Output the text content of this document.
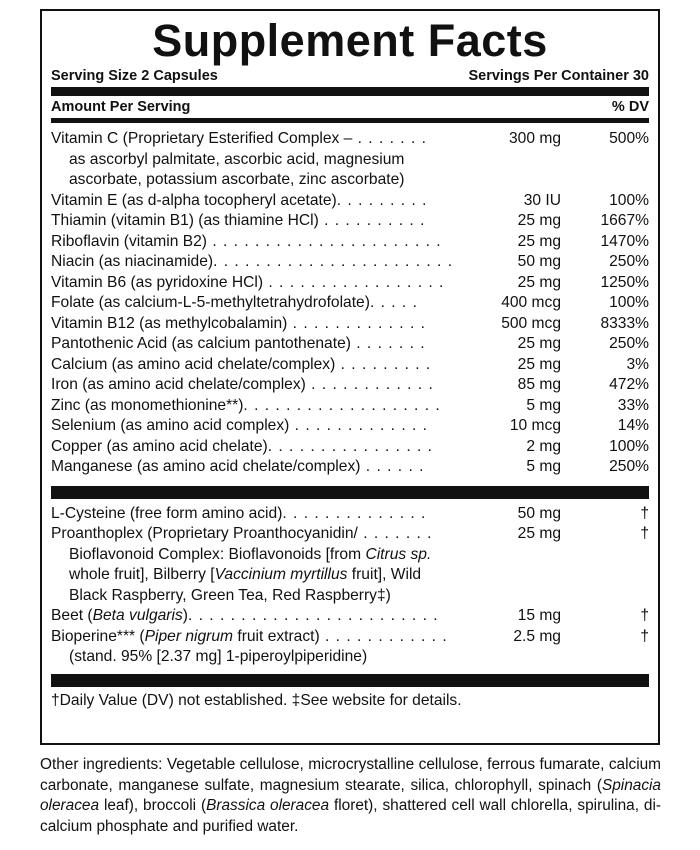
Supplement Facts
Serving Size 2 Capsules	Servings Per Container 30
Amount Per Serving	% DV
Vitamin C (Proprietary Esterified Complex – . . . . . . .	300 mg	500%
as ascorbyl palmitate, ascorbic acid, magnesium
ascorbate, potassium ascorbate, zinc ascorbate)
Vitamin E (as d-alpha tocopheryl acetate). . . . . . . . .	30 IU	100%
Thiamin (vitamin B1) (as thiamine HCl) . . . . . . . . . .	25 mg	1667%
Riboflavin (vitamin B2) . . . . . . . . . . . . . . . . . . . . . .	25 mg	1470%
Niacin (as niacinamide). . . . . . . . . . . . . . . . . . . . . . .	50 mg	250%
Vitamin B6 (as pyridoxine HCl) . . . . . . . . . . . . . . . . .	25 mg	1250%
Folate (as calcium-L-5-methyltetrahydrofolate). . . . .	400 mcg	100%
Vitamin B12 (as methylcobalamin) . . . . . . . . . . . . .	500 mcg	8333%
Pantothenic Acid (as calcium pantothenate) . . . . . . .	25 mg	250%
Calcium (as amino acid chelate/complex) . . . . . . . . .	25 mg	3%
Iron (as amino acid chelate/complex) . . . . . . . . . . . .	85 mg	472%
Zinc (as monomethionine**). . . . . . . . . . . . . . . . . . .	5 mg	33%
Selenium (as amino acid complex) . . . . . . . . . . . . .	10 mcg	14%
Copper (as amino acid chelate). . . . . . . . . . . . . . . .	2 mg	100%
Manganese (as amino acid chelate/complex) . . . . . .	5 mg	250%
L-Cysteine (free form amino acid). . . . . . . . . . . . . .	50 mg	†
Proanthoplex (Proprietary Proanthocyanidin/ . . . . . . .	25 mg	†
Bioflavonoid Complex: Bioflavonoids [from Citrus sp.
whole fruit], Bilberry [Vaccinium myrtillus fruit], Wild
Black Raspberry, Green Tea, Red Raspberry‡)
Beet (Beta vulgaris). . . . . . . . . . . . . . . . . . . . . . . .	15 mg	†
Bioperine*** (Piper nigrum fruit extract) . . . . . . . . . . . .	2.5 mg	†
(stand. 95% [2.37 mg] 1-piperoylpiperidine)
†Daily Value (DV) not established. ‡See website for details.
Other ingredients: Vegetable cellulose, microcrystalline cellulose, ferrous fumarate, calcium carbonate, manganese sulfate, magnesium stearate, silica, chlorophyll, spinach (Spinacia oleracea leaf), broccoli (Brassica oleracea floret), shattered cell wall chlorella, spirulina, di-calcium phosphate and purified water.
